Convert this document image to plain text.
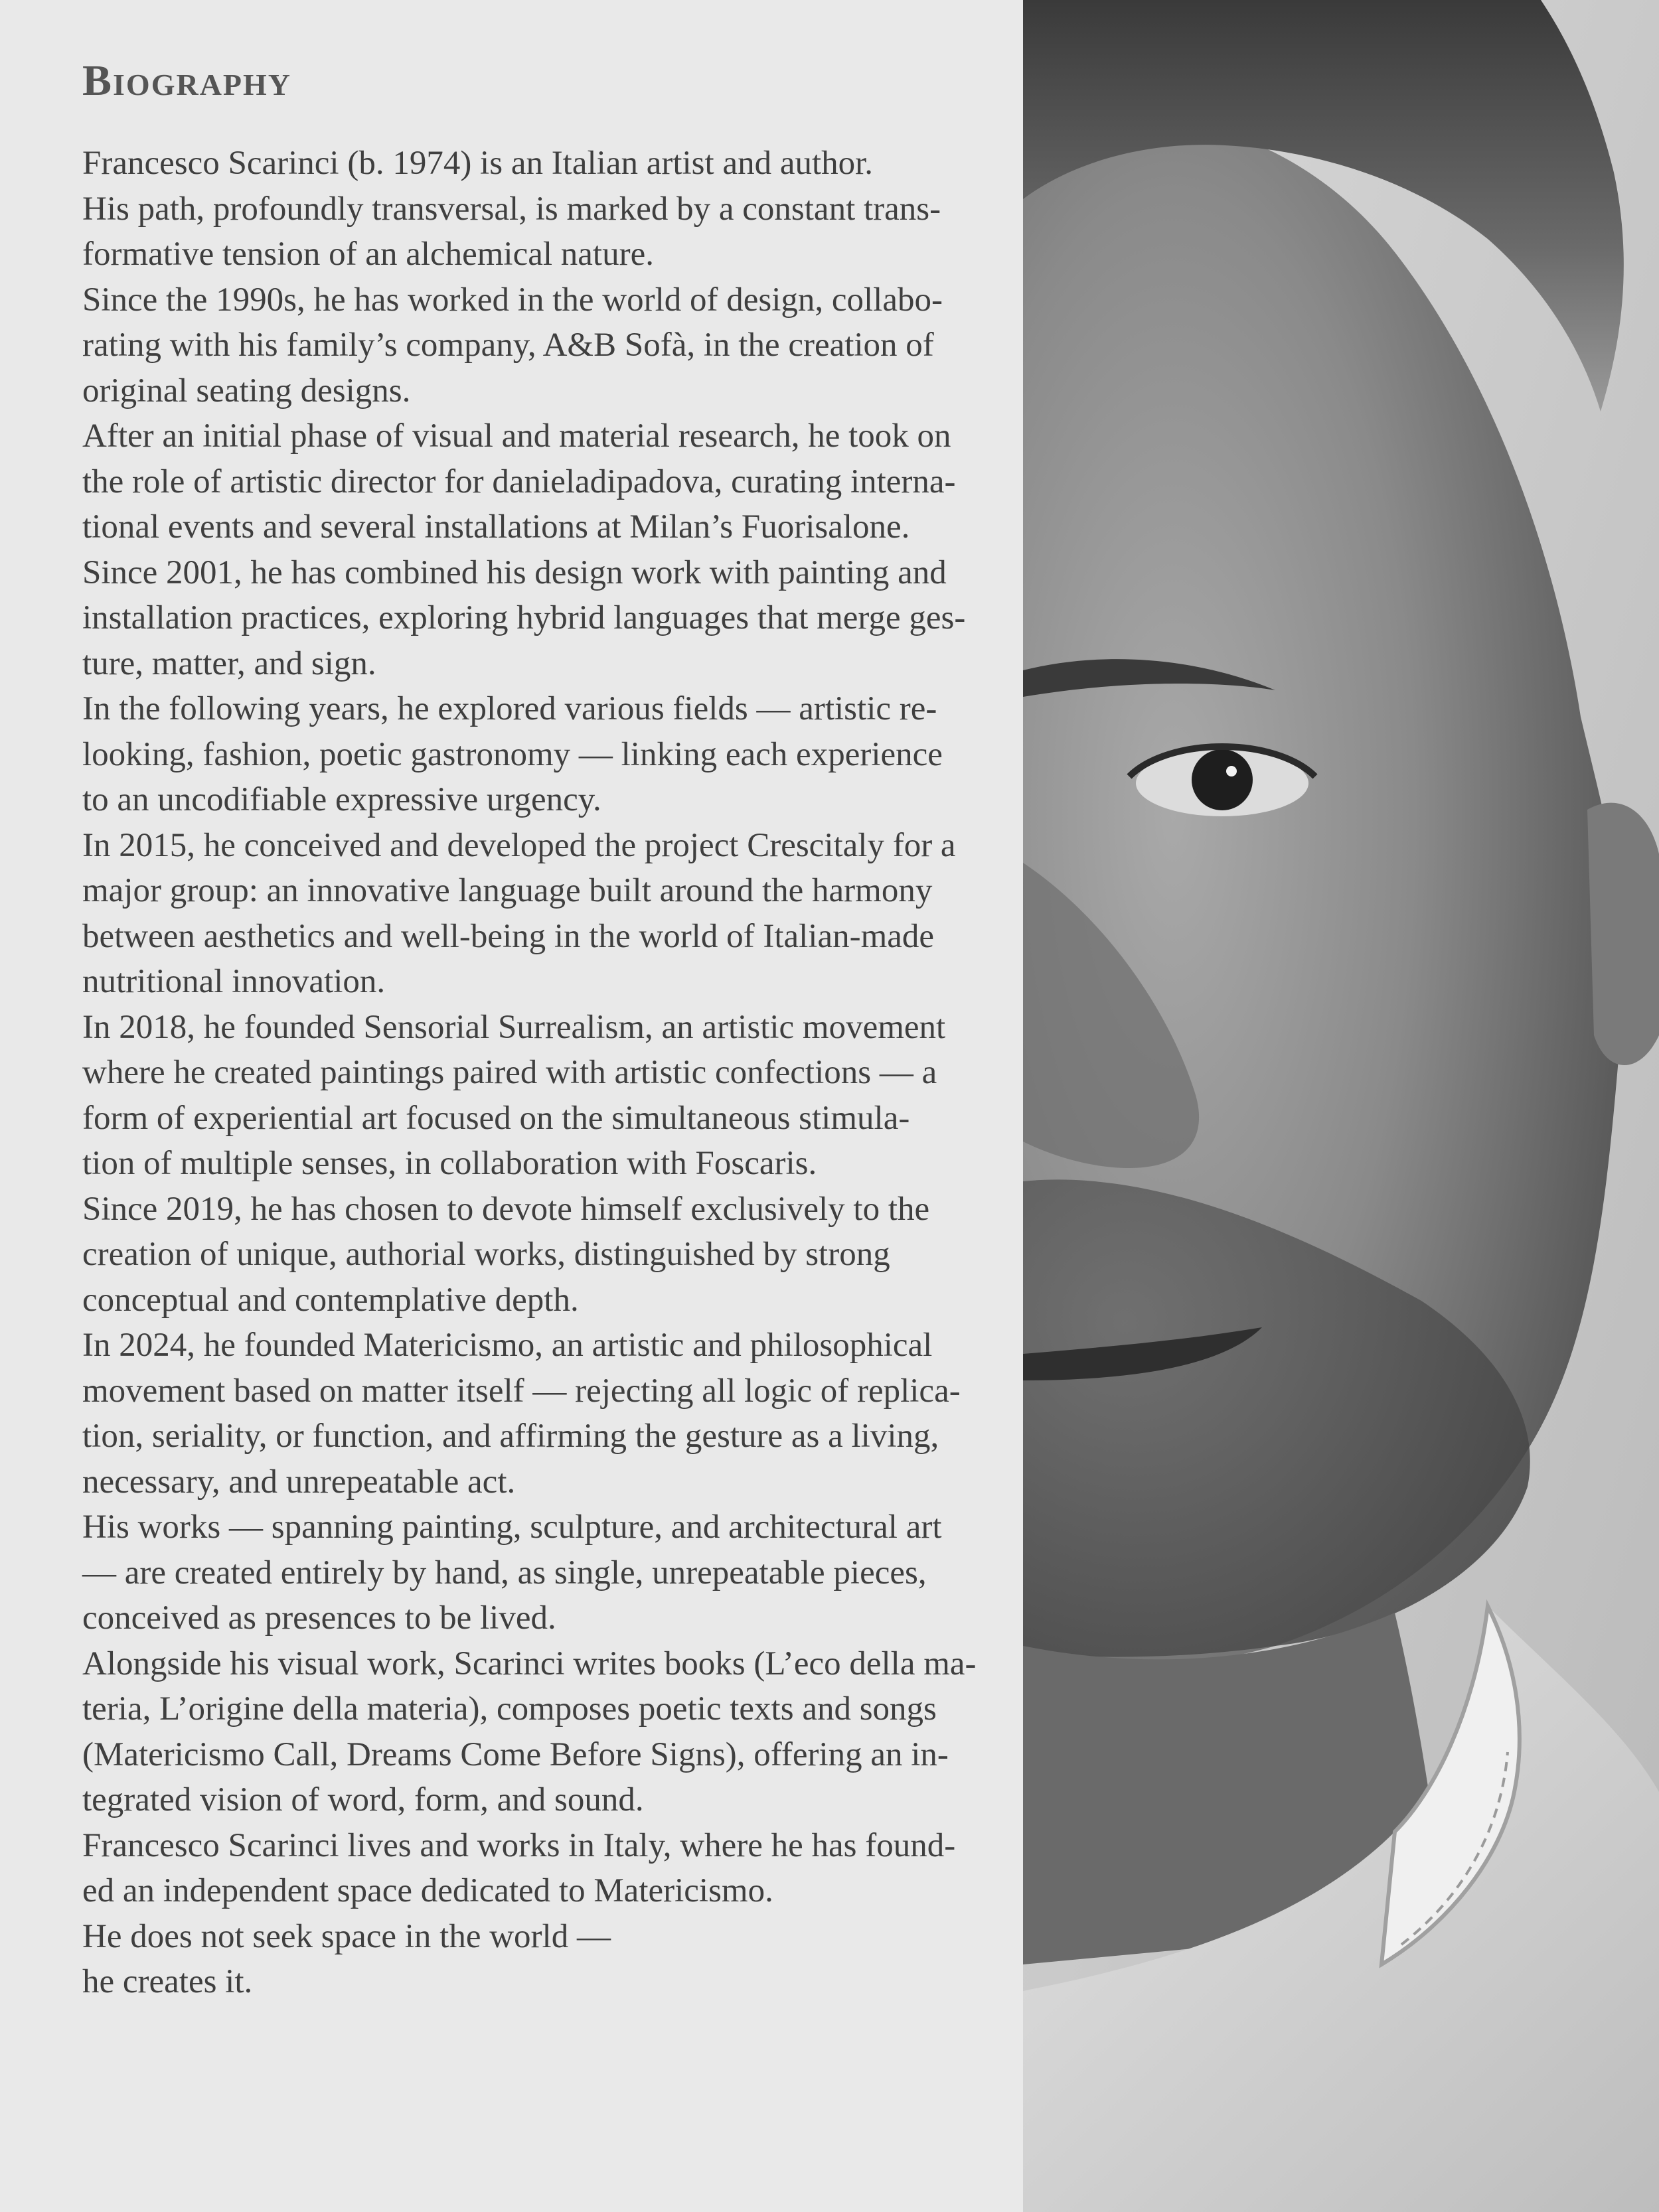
Biography
Francesco Scarinci (b. 1974) is an Italian artist and author.
His path, profoundly transversal, is marked by a constant trans-
formative tension of an alchemical nature.
Since the 1990s, he has worked in the world of design, collabo-
rating with his family’s company, A&B Sofà, in the creation of
original seating designs.
After an initial phase of visual and material research, he took on
the role of artistic director for danieladipadova, curating interna-
tional events and several installations at Milan’s Fuorisalone.
Since 2001, he has combined his design work with painting and
installation practices, exploring hybrid languages that merge ges-
ture, matter, and sign.
In the following years, he explored various fields — artistic re-
looking, fashion, poetic gastronomy — linking each experience
to an uncodifiable expressive urgency.
In 2015, he conceived and developed the project Crescitaly for a
major group: an innovative language built around the harmony
between aesthetics and well-being in the world of Italian-made
nutritional innovation.
In 2018, he founded Sensorial Surrealism, an artistic movement
where he created paintings paired with artistic confections — a
form of experiential art focused on the simultaneous stimula-
tion of multiple senses, in collaboration with Foscaris.
Since 2019, he has chosen to devote himself exclusively to the
creation of unique, authorial works, distinguished by strong
conceptual and contemplative depth.
In 2024, he founded Matericismo, an artistic and philosophical
movement based on matter itself — rejecting all logic of replica-
tion, seriality, or function, and affirming the gesture as a living,
necessary, and unrepeatable act.
His works — spanning painting, sculpture, and architectural art
— are created entirely by hand, as single, unrepeatable pieces,
conceived as presences to be lived.
Alongside his visual work, Scarinci writes books (L’eco della ma-
teria, L’origine della materia), composes poetic texts and songs
(Matericismo Call, Dreams Come Before Signs), offering an in-
tegrated vision of word, form, and sound.
Francesco Scarinci lives and works in Italy, where he has found-
ed an independent space dedicated to Matericismo.
He does not seek space in the world —
he creates it.
